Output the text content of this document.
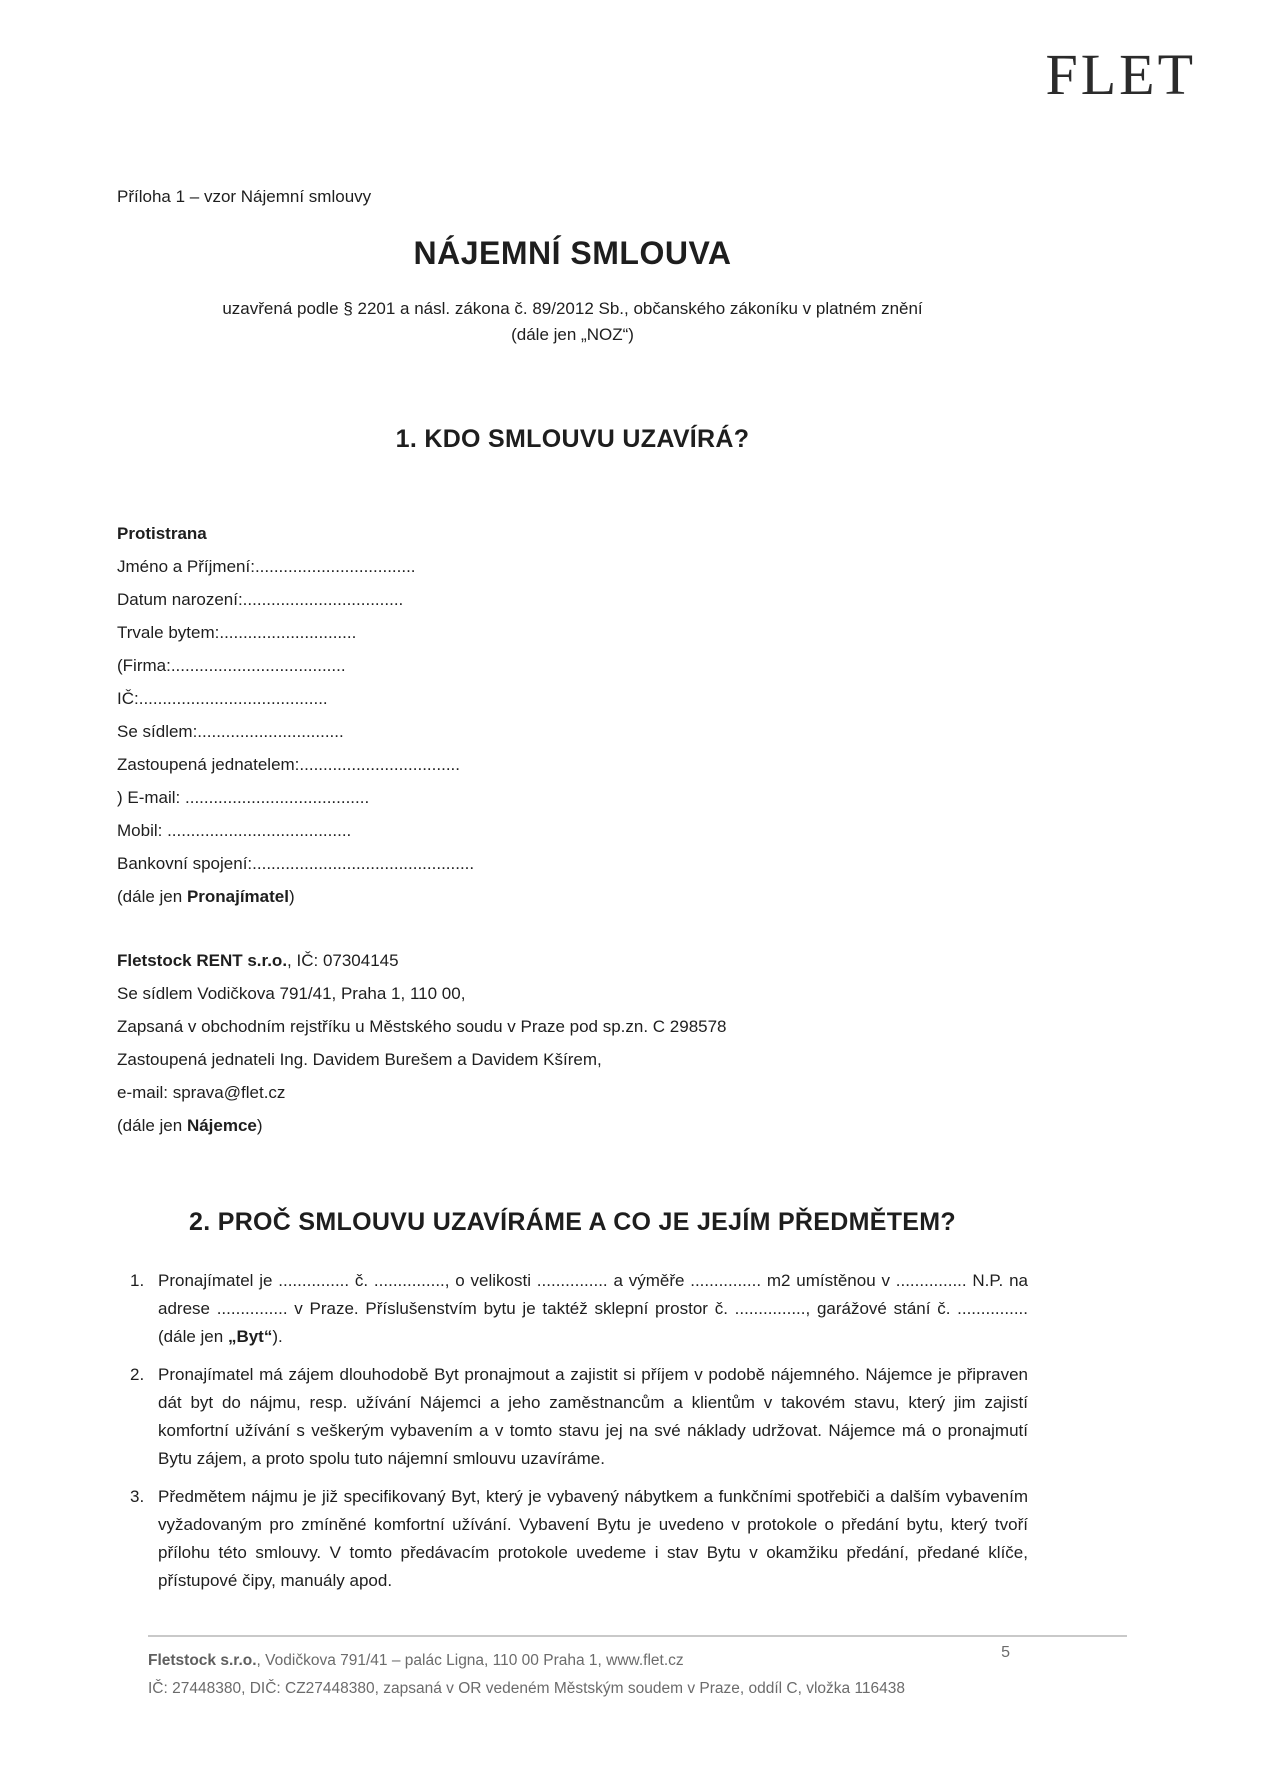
FLET

Příloha 1 – vzor Nájemní smlouvy

NÁJEMNÍ SMLOUVA

uzavřená podle § 2201 a násl. zákona č. 89/2012 Sb., občanského zákoníku v platném znění

(dále jen „NOZ“)

1. KDO SMLOUVU UZAVÍRÁ?

Protistrana

Jméno a Příjmení:..................................

Datum narození:..................................

Trvale bytem:.............................

(Firma:.....................................

IČ:........................................

Se sídlem:...............................

Zastoupená jednatelem:..................................

) E-mail: .......................................

Mobil: .......................................

Bankovní spojení:...............................................

(dále jen Pronajímatel)

Fletstock RENT s.r.o., IČ: 07304145

Se sídlem Vodičkova 791/41, Praha 1, 110 00,

Zapsaná v obchodním rejstříku u Městského soudu v Praze pod sp.zn. C 298578

Zastoupená jednateli Ing. Davidem Burešem a Davidem Kšírem,

e-mail: sprava@flet.cz

(dále jen Nájemce)

2. PROČ SMLOUVU UZAVÍRÁME A CO JE JEJÍM PŘEDMĚTEM?
1. Pronajímatel je ............... č. ..............., o velikosti ............... a výměře ............... m2 umístěnou v ............... N.P. na adrese ............... v Praze. Příslušenstvím bytu je taktéž sklepní prostor č. ..............., garážové stání č. ............... (dále jen „Byt“).
2. Pronajímatel má zájem dlouhodobě Byt pronajmout a zajistit si příjem v podobě nájemného. Nájemce je připraven dát byt do nájmu, resp. užívání Nájemci a jeho zaměstnancům a klientům v takovém stavu, který jim zajistí komfortní užívání s veškerým vybavením a v tomto stavu jej na své náklady udržovat. Nájemce má o pronajmutí Bytu zájem, a proto spolu tuto nájemní smlouvu uzavíráme.
3. Předmětem nájmu je již specifikovaný Byt, který je vybavený nábytkem a funkčními spotřebiči a dalším vybavením vyžadovaným pro zmíněné komfortní užívání. Vybavení Bytu je uvedeno v protokole o předání bytu, který tvoří přílohu této smlouvy. V tomto předávacím protokole uvedeme i stav Bytu v okamžiku předání, předané klíče, přístupové čipy, manuály apod.
5

Fletstock s.r.o., Vodičkova 791/41 – palác Ligna, 110 00 Praha 1, www.flet.cz

IČ: 27448380, DIČ: CZ27448380, zapsaná v OR vedeném Městským soudem v Praze, oddíl C, vložka 116438
